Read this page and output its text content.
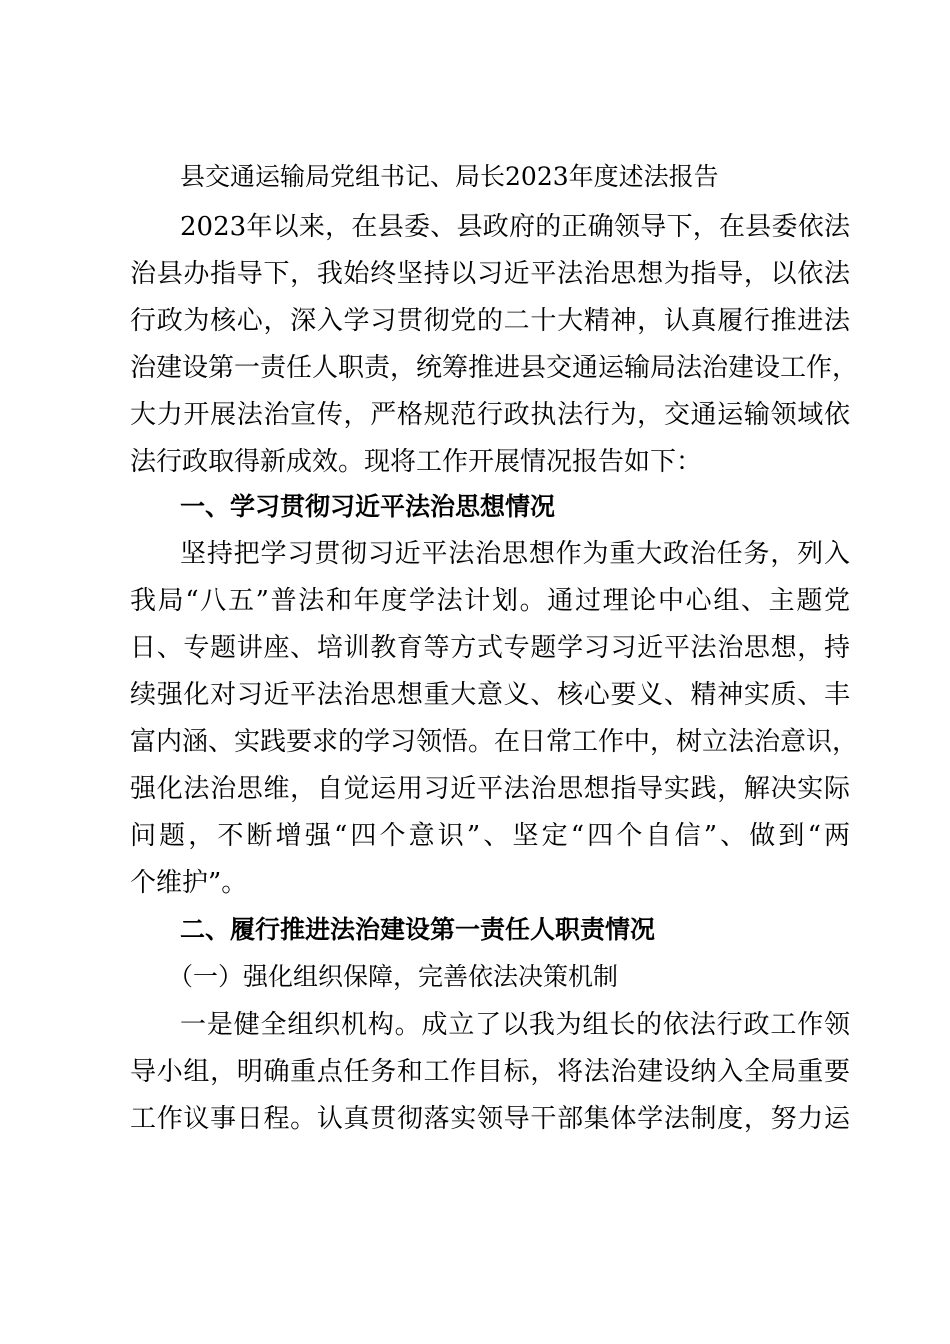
县交通运输局党组书记、局长2023年度述法报告
2023年以来，在县委、县政府的正确领导下，在县委依法
治县办指导下，我始终坚持以习近平法治思想为指导，以依法
行政为核心，深入学习贯彻党的二十大精神，认真履行推进法
治建设第一责任人职责，统筹推进县交通运输局法治建设工作，
大力开展法治宣传，严格规范行政执法行为，交通运输领域依
法行政取得新成效。现将工作开展情况报告如下：
一、学习贯彻习近平法治思想情况
坚持把学习贯彻习近平法治思想作为重大政治任务，列入
我局“八五”普法和年度学法计划。通过理论中心组、主题党
日、专题讲座、培训教育等方式专题学习习近平法治思想，持
续强化对习近平法治思想重大意义、核心要义、精神实质、丰
富内涵、实践要求的学习领悟。在日常工作中，树立法治意识，
强化法治思维，自觉运用习近平法治思想指导实践，解决实际
问题，不断增强“四个意识”、坚定“四个自信”、做到“两
个维护”。
二、履行推进法治建设第一责任人职责情况
（一）强化组织保障，完善依法决策机制
一是健全组织机构。成立了以我为组长的依法行政工作领
导小组，明确重点任务和工作目标，将法治建设纳入全局重要
工作议事日程。认真贯彻落实领导干部集体学法制度，努力运
